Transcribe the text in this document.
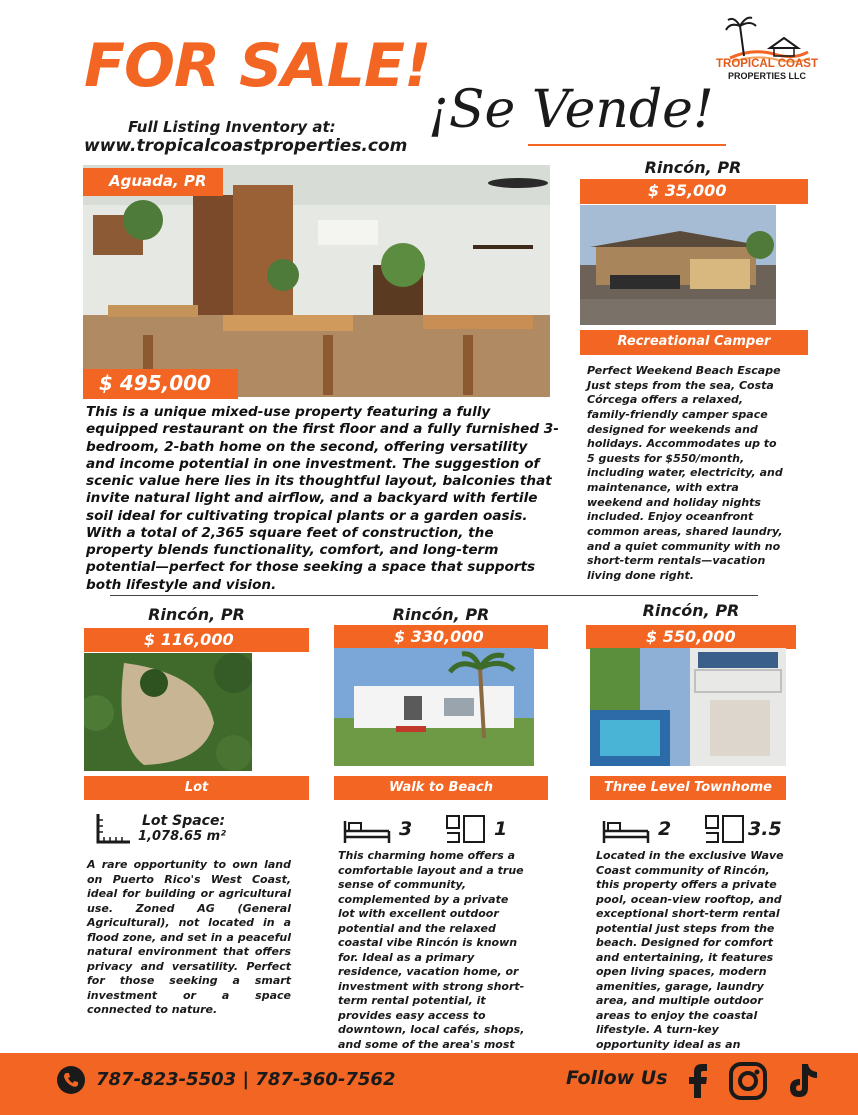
FOR SALE!
¡Se Vende!
Full Listing Inventory at:
www.tropicalcoastproperties.com
TROPICAL COAST
PROPERTIES LLC
Aguada, PR
$ 495,000
This is a unique mixed-use property featuring a fully equipped restaurant on the first floor and a fully furnished 3-bedroom, 2-bath home on the second, offering versatility and income potential in one investment. The suggestion of scenic value here lies in its thoughtful layout, balconies that invite natural light and airflow, and a backyard with fertile soil ideal for cultivating tropical plants or a garden oasis. With a total of 2,365 square feet of construction, the property blends functionality, comfort, and long-term potential—perfect for those seeking a space that supports both lifestyle and vision.
Rincón, PR
$ 35,000
Recreational Camper
Perfect Weekend Beach Escape Just steps from the sea, Costa Córcega offers a relaxed, family-friendly camper space designed for weekends and holidays. Accommodates up to 5 guests for $550/month, including water, electricity, and maintenance, with extra weekend and holiday nights included. Enjoy oceanfront common areas, shared laundry, and a quiet community with no short-term rentals—vacation living done right.
Rincón, PR
$ 116,000
Lot
Lot Space:
1,078.65 m²
A rare opportunity to own land on Puerto Rico's West Coast, ideal for building or agricultural use. Zoned AG (General Agricultural), not located in a flood zone, and set in a peaceful natural environment that offers privacy and versatility. Perfect for those seeking a smart investment or a space connected to nature.
Rincón, PR
$ 330,000
Walk to Beach
3	1
This charming home offers a comfortable layout and a true sense of community, complemented by a private lot with excellent outdoor potential and the relaxed coastal vibe Rincón is known for. Ideal as a primary residence, vacation home, or investment with strong short-term rental potential, it provides easy access to downtown, local cafés, shops, and some of the area's most
Rincón, PR
$ 550,000
Three Level Townhome
2	3.5
Located in the exclusive Wave Coast community of Rincón, this property offers a private pool, ocean-view rooftop, and exceptional short-term rental potential just steps from the beach. Designed for comfort and entertaining, it features open living spaces, modern amenities, garage, laundry area, and multiple outdoor areas to enjoy the coastal lifestyle. A turn-key opportunity ideal as an
787-823-5503 | 787-360-7562	Follow Us
